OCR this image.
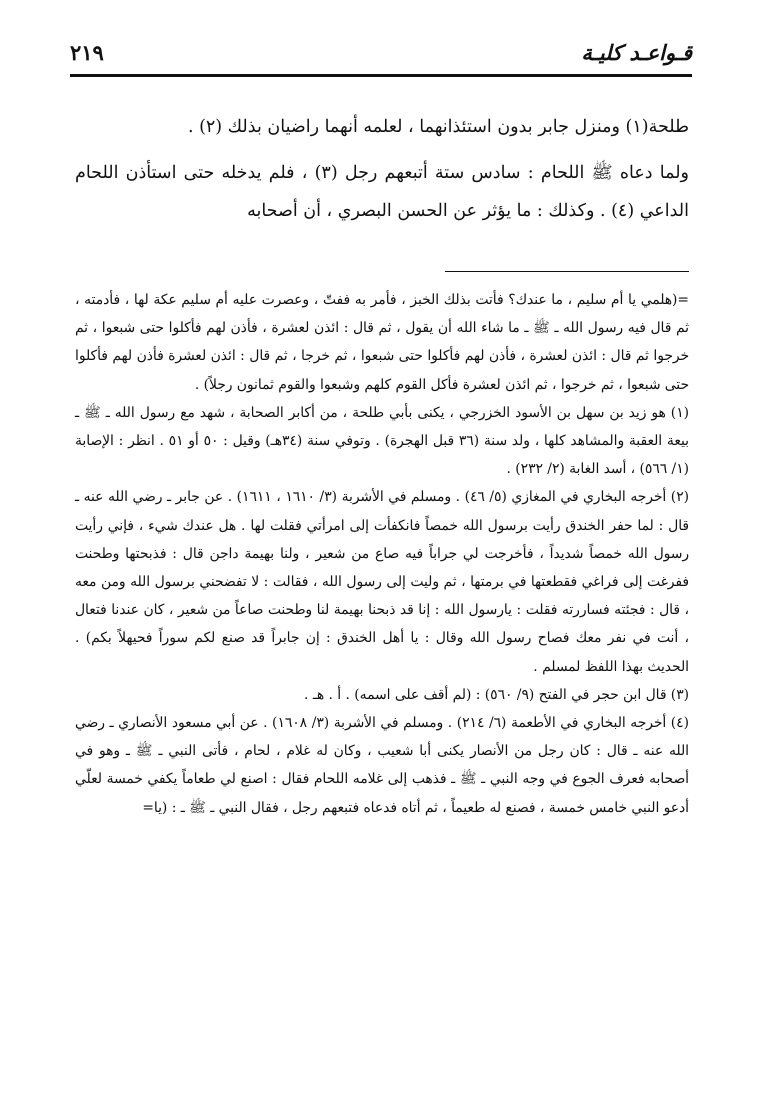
قـواعـد كليـة
٢١٩

طلحة(١) ومنزل جابر بدون استئذانهما ، لعلمه أنهما راضيان بذلك (٢) .

ولما دعاه ﷺ اللحام : سادس ستة أتبعهم رجل (٣) ، فلم يدخله حتى استأذن اللحام الداعي (٤) . وكذلك : ما يؤثر عن الحسن البصري ، أن أصحابه

=(هلمي يا أم سليم ، ما عندك؟ فأتت بذلك الخبز ، فأمر به ففتّ ، وعصرت عليه أم سليم عكة لها ، فأدمته ، ثم قال فيه رسول الله ـ ﷺ ـ ما شاء الله أن يقول ، ثم قال : ائذن لعشرة ، فأذن لهم فأكلوا حتى شبعوا ، ثم خرجوا ثم قال : ائذن لعشرة ، فأذن لهم فأكلوا حتى شبعوا ، ثم خرجا ، ثم قال : ائذن لعشرة فأذن لهم فأكلوا حتى شبعوا ، ثم خرجوا ، ثم ائذن لعشرة فأكل القوم كلهم وشبعوا والقوم ثمانون رجلاً) .

(١) هو زيد بن سهل بن الأسود الخزرجي ، يكنى بأبي طلحة ، من أكابر الصحابة ، شهد مع رسول الله ـ ﷺ ـ بيعة العقبة والمشاهد كلها ، ولد سنة (٣٦ قبل الهجرة) . وتوفي سنة (٣٤هـ) وقيل : ٥٠ أو ٥١ . انظر : الإصابة (١/ ٥٦٦) ، أسد الغابة (٢/ ٢٣٢) .

(٢) أخرجه البخاري في المغازي (٥/ ٤٦) . ومسلم في الأشربة (٣/ ١٦١٠ ، ١٦١١) . عن جابر ـ رضي الله عنه ـ قال : لما حفر الخندق رأيت برسول الله خمصاً فانكفأت إلى امرأتي فقلت لها . هل عندك شيء ، فإني رأيت رسول الله خمصاً شديداً ، فأخرجت لي جراباً فيه صاع من شعير ، ولنا بهيمة داجن قال : فذبحتها وطحنت ففرغت إلى فراغي فقطعتها في برمتها ، ثم وليت إلى رسول الله ، فقالت : لا تفضحني برسول الله ومن معه ، قال : فجئته فساررته فقلت : يارسول الله : إنا قد ذبحنا بهيمة لنا وطحنت صاعاً من شعير ، كان عندنا فتعال ، أنت في نفر معك فصاح رسول الله وقال : يا أهل الخندق : إن جابراً قد صنع لكم سوراً فحيهلاً بكم) . الحديث بهذا اللفظ لمسلم .

(٣) قال ابن حجر في الفتح (٩/ ٥٦٠) : (لم أقف على اسمه) . أ . هـ .

(٤) أخرجه البخاري في الأطعمة (٦/ ٢١٤) . ومسلم في الأشربة (٣/ ١٦٠٨) . عن أبي مسعود الأنصاري ـ رضي الله عنه ـ قال : كان رجل من الأنصار يكنى أبا شعيب ، وكان له غلام ، لحام ، فأتى النبي ـ ﷺ ـ وهو في أصحابه فعرف الجوع في وجه النبي ـ ﷺ ـ فذهب إلى غلامه اللحام فقال : اصنع لي طعاماً يكفي خمسة لعلّي أدعو النبي خامس خمسة ، فصنع له طعيماً ، ثم أتاه فدعاه فتبعهم رجل ، فقال النبي ـ ﷺ ـ : (يا=
